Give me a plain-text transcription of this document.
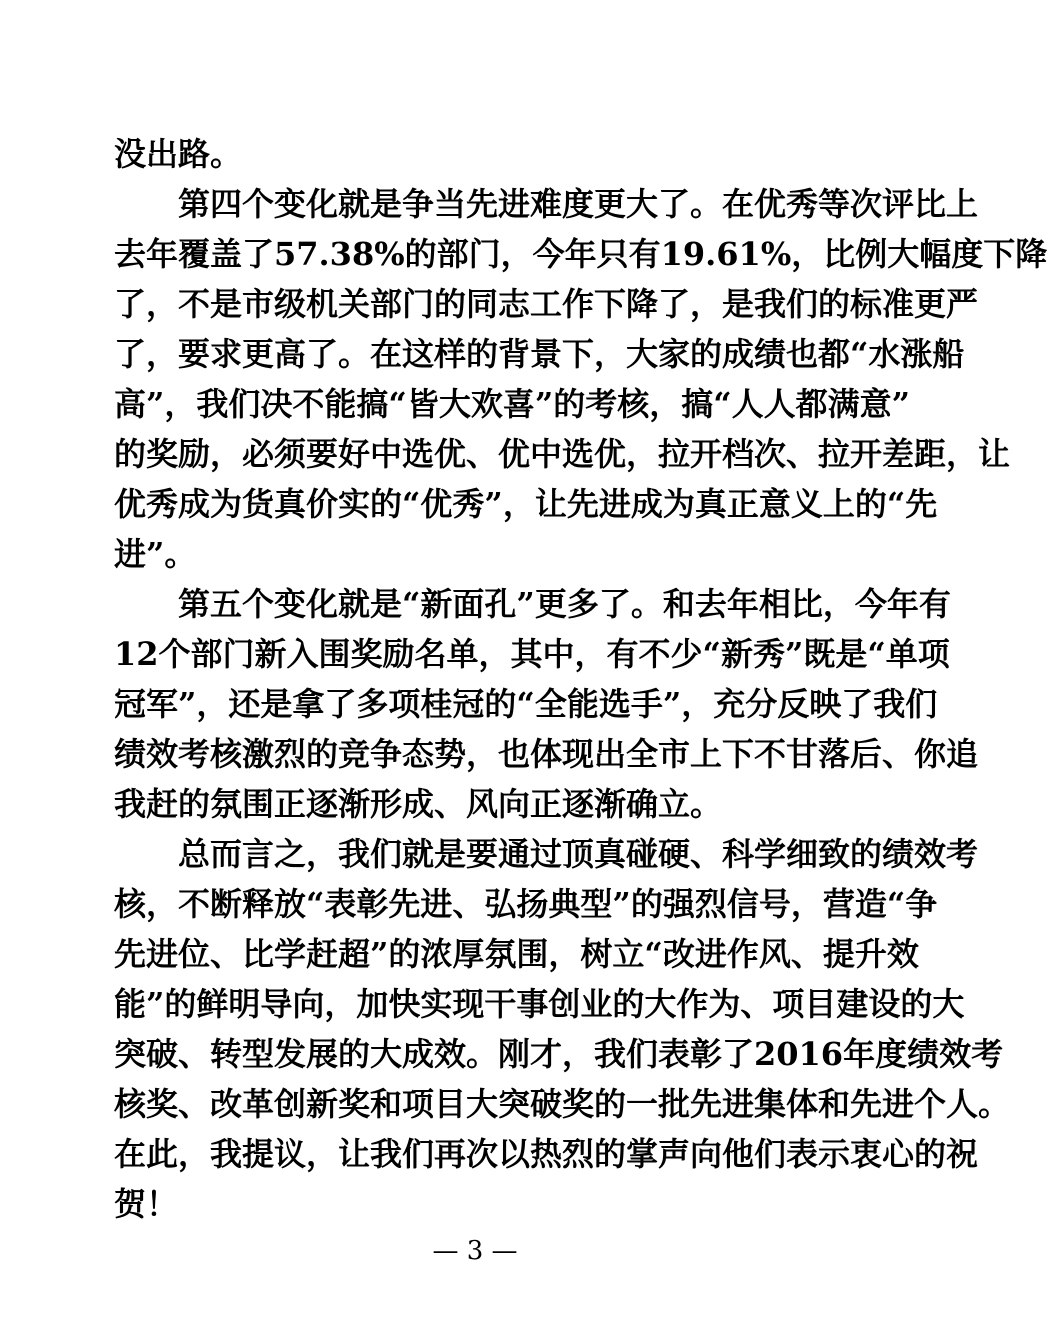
没出路。
第四个变化就是争当先进难度更大了。在优秀等次评比上
去年覆盖了57.38%的部门，今年只有19.61%，比例大幅度下降
了，不是市级机关部门的同志工作下降了，是我们的标准更严
了，要求更高了。在这样的背景下，大家的成绩也都“水涨船
高”，我们决不能搞“皆大欢喜”的考核，搞“人人都满意”
的奖励，必须要好中选优、优中选优，拉开档次、拉开差距，让
优秀成为货真价实的“优秀”，让先进成为真正意义上的“先
进”。
第五个变化就是“新面孔”更多了。和去年相比，今年有
12个部门新入围奖励名单，其中，有不少“新秀”既是“单项
冠军”，还是拿了多项桂冠的“全能选手”，充分反映了我们
绩效考核激烈的竞争态势，也体现出全市上下不甘落后、你追
我赶的氛围正逐渐形成、风向正逐渐确立。
总而言之，我们就是要通过顶真碰硬、科学细致的绩效考
核，不断释放“表彰先进、弘扬典型”的强烈信号，营造“争
先进位、比学赶超”的浓厚氛围，树立“改进作风、提升效
能”的鲜明导向，加快实现干事创业的大作为、项目建设的大
突破、转型发展的大成效。刚才，我们表彰了2016年度绩效考
核奖、改革创新奖和项目大突破奖的一批先进集体和先进个人。
在此，我提议，让我们再次以热烈的掌声向他们表示衷心的祝
贺！
— 3 —
